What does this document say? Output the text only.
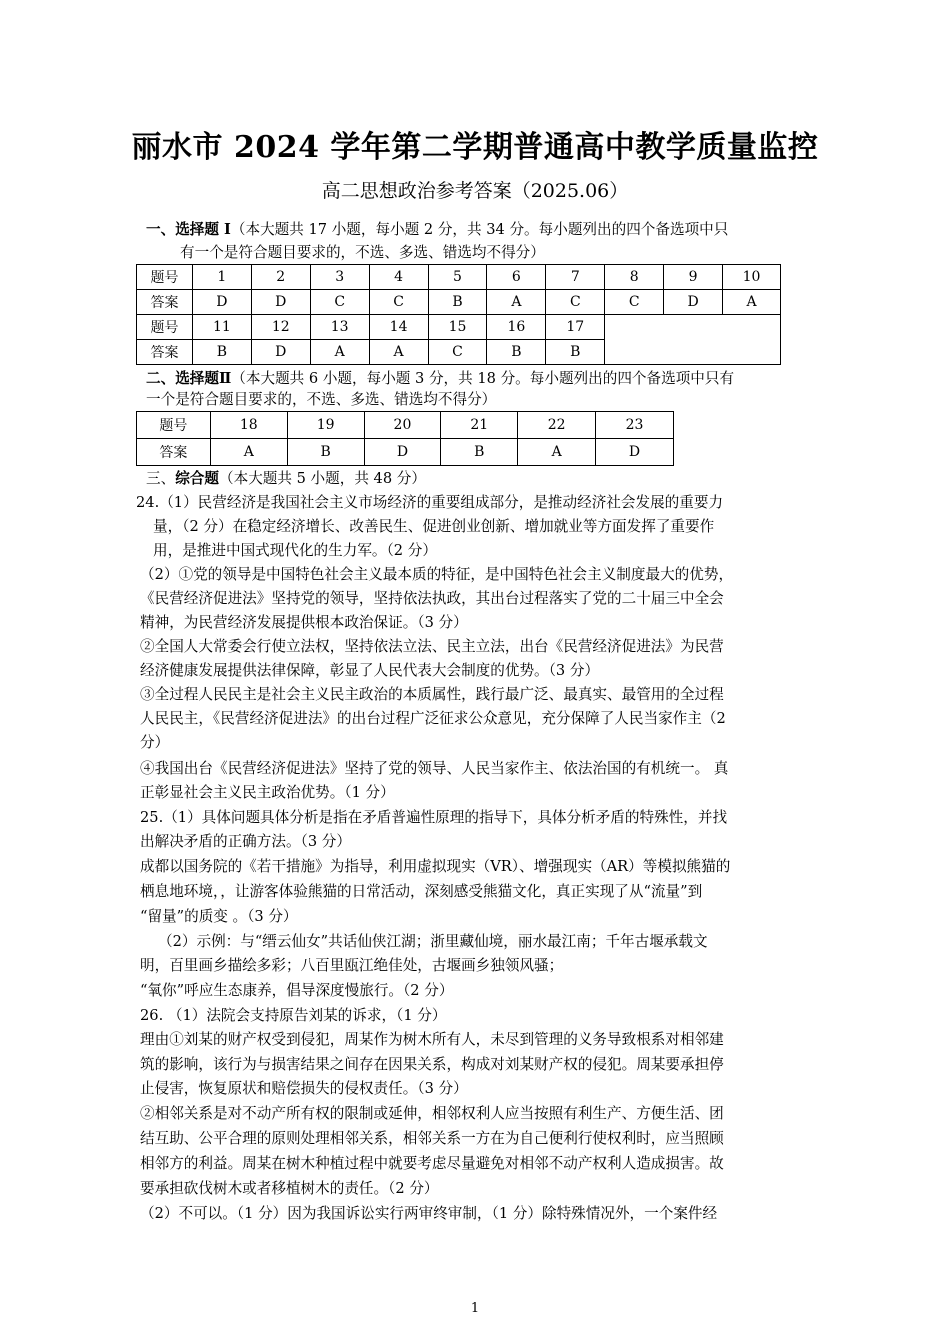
丽水市 2024 学年第二学期普通高中教学质量监控
高二思想政治参考答案（2025.06）

一、选择题 Ⅰ（本大题共 17 小题，每小题 2 分，共 34 分。每小题列出的四个备选项中只

有一个是符合题目要求的，不选、多选、错选均不得分）

题号	1	2	3	4	5	6	7	8	9	10
答案	D	D	C	C	B	A	C	C	D	A
题号	11	12	13	14	15	16	17			
答案	B	D	A	A	C	B	B			

二、选择题Ⅱ（本大题共 6 小题，每小题 3 分，共 18 分。每小题列出的四个备选项中只有

一个是符合题目要求的，不选、多选、错选均不得分）

题号	18	19	20	21	22	23
答案	A	B	D	B	A	D

三、综合题（本大题共 5 小题，共 48 分）

24.（1）民营经济是我国社会主义市场经济的重要组成部分，是推动经济社会发展的重要力

量，（2 分）在稳定经济增长、改善民生、促进创业创新、增加就业等方面发挥了重要作

用，是推进中国式现代化的生力军。（2 分）

（2）①党的领导是中国特色社会主义最本质的特征，是中国特色社会主义制度最大的优势，

《民营经济促进法》坚持党的领导，坚持依法执政，其出台过程落实了党的二十届三中全会

精神，为民营经济发展提供根本政治保证。（3 分）

②全国人大常委会行使立法权，坚持依法立法、民主立法，出台《民营经济促进法》为民营

经济健康发展提供法律保障，彰显了人民代表大会制度的优势。（3 分）

③全过程人民民主是社会主义民主政治的本质属性，践行最广泛、最真实、最管用的全过程

人民民主，《民营经济促进法》的出台过程广泛征求公众意见，充分保障了人民当家作主（2

分）

④我国出台《民营经济促进法》坚持了党的领导、人民当家作主、依法治国的有机统一。 真

正彰显社会主义民主政治优势。（1 分）

25.（1）具体问题具体分析是指在矛盾普遍性原理的指导下，具体分析矛盾的特殊性，并找

出解决矛盾的正确方法。（3 分）

成都以国务院的《若干措施》为指导，利用虚拟现实（VR）、增强现实（AR）等模拟熊猫的

栖息地环境，，让游客体验熊猫的日常活动，深刻感受熊猫文化，真正实现了从“流量”到

“留量”的质变 。（3 分）

（2）示例：与“缙云仙女”共话仙侠江湖；浙里藏仙境，丽水最江南；千年古堰承载文

明，百里画乡描绘多彩；八百里瓯江绝佳处，古堰画乡独领风骚；

“氧你”呼应生态康养，倡导深度慢旅行。（2 分）

26. （1）法院会支持原告刘某的诉求，（1 分）

理由①刘某的财产权受到侵犯，周某作为树木所有人，未尽到管理的义务导致根系对相邻建

筑的影响，该行为与损害结果之间存在因果关系，构成对刘某财产权的侵犯。周某要承担停

止侵害，恢复原状和赔偿损失的侵权责任。（3 分）

②相邻关系是对不动产所有权的限制或延伸，相邻权利人应当按照有利生产、方便生活、团

结互助、公平合理的原则处理相邻关系，相邻关系一方在为自己便利行使权利时，应当照顾

相邻方的利益。周某在树木种植过程中就要考虑尽量避免对相邻不动产权利人造成损害。故

要承担砍伐树木或者移植树木的责任。（2 分）

（2）不可以。（1 分）因为我国诉讼实行两审终审制，（1 分）除特殊情况外，一个案件经

1
